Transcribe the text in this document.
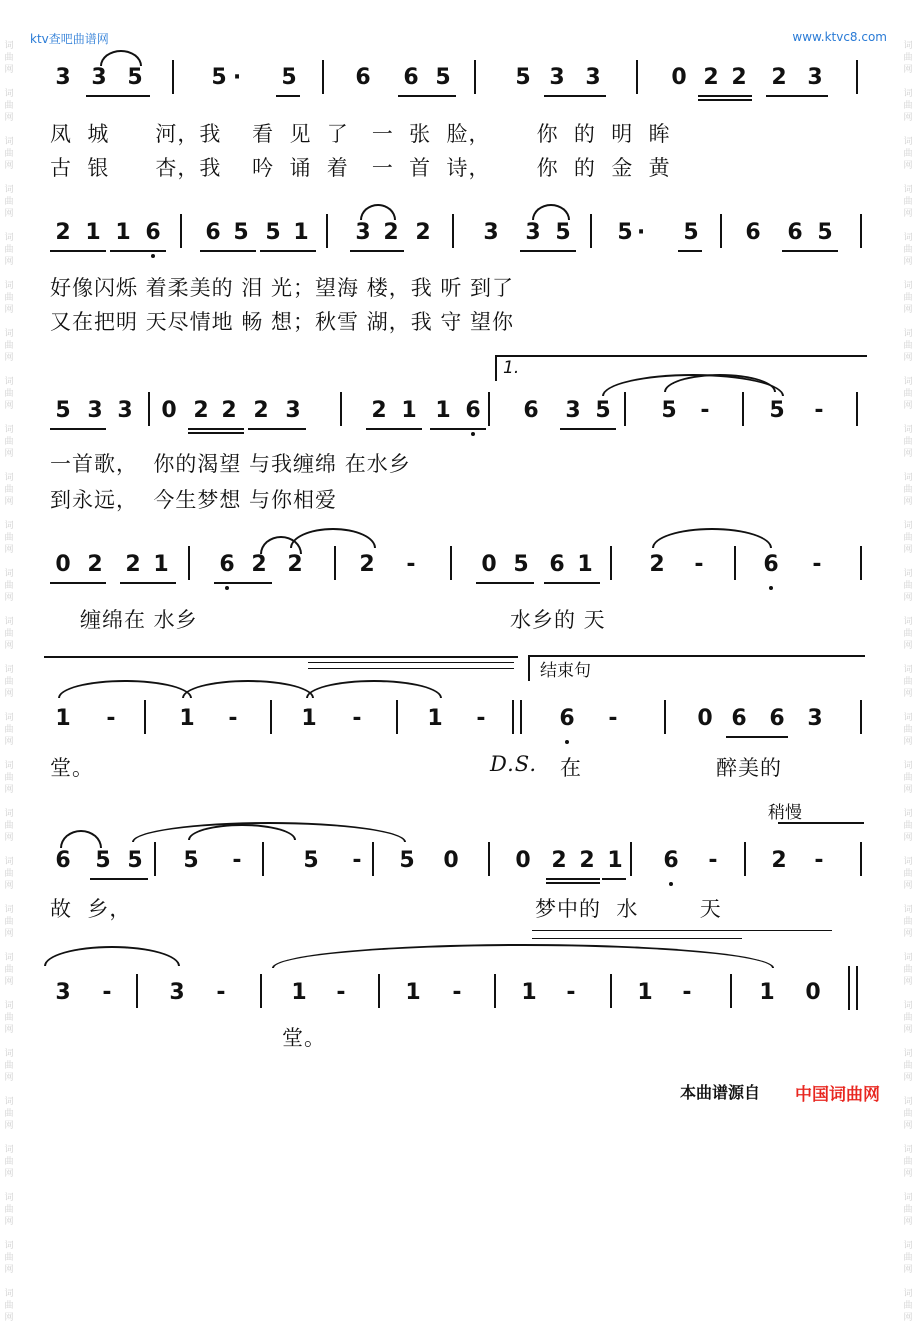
ktv查吧曲谱网	www.ktvc8.com
词
曲
网

词
曲
网

词
曲
网

词
曲
网

词
曲
网

词
曲
网

词
曲
网

词
曲
网

词
曲
网

词
曲
网

词
曲
网

词
曲
网

词
曲
网

词
曲
网

词
曲
网

词
曲
网

词
曲
网

词
曲
网

词
曲
网

词
曲
网

词
曲
网

词
曲
网

词
曲
网

词
曲
网

词
曲
网

词
曲
网

词
曲
网

词
曲
网

词
曲
网

词
曲
网

词
曲
网

词
曲
网

词
曲
网

词
曲
网

词
曲
网

词
曲
网

词
曲
网

词
曲
网

词
曲
网

词
曲
网

词
曲
网

词
曲
网

词
曲
网

词
曲
网

词
曲
网

词
曲
网

词
曲
网

词
曲
网

词
曲
网

词
曲
网

词
曲
网

词
曲
网

词
曲
网

词
曲
网

3 3 5	5 ·	5	6 6 5	5 3 3	0 2 2 2 3
凤  城      河，我    看  见  了   一  张  脸，      你  的  明  眸
古  银      杏，我    吟  诵  着   一  首  诗，      你  的  金  黄
2 1 1 6 6 5 5 1 3 2 2 3 3 5 5 ·	5 6 6 5
5 3 3 0 2 2 2 3	2 1 1 6 6 3 5 5 -	5 -
0 2 2 1 6 2 2	2 -	0 5 6 1	2 -	6 -
1 -	1 -	1 -	1 -	6 -	0 6 6 3
6 5 5 5 -	5 - 5 0	0 2 2 1 6 - 2 -
3 -	3 -	1 -	1 -	1 -	1 -	1 0
1.
结束句
稍慢
好像闪烁 着柔美的 泪 光；望海 楼，我 听 到了
又在把明 天尽情地 畅 想；秋雪 湖，我 守 望你
一首歌，  你的渴望 与我缠绵 在水乡
到永远，  今生梦想 与你相爱
缠绵在 水乡	水乡的 天
堂。	D.S. 在	醉美的
故  乡，	梦中的  水        天
堂。
本曲谱源自 中国词曲网
